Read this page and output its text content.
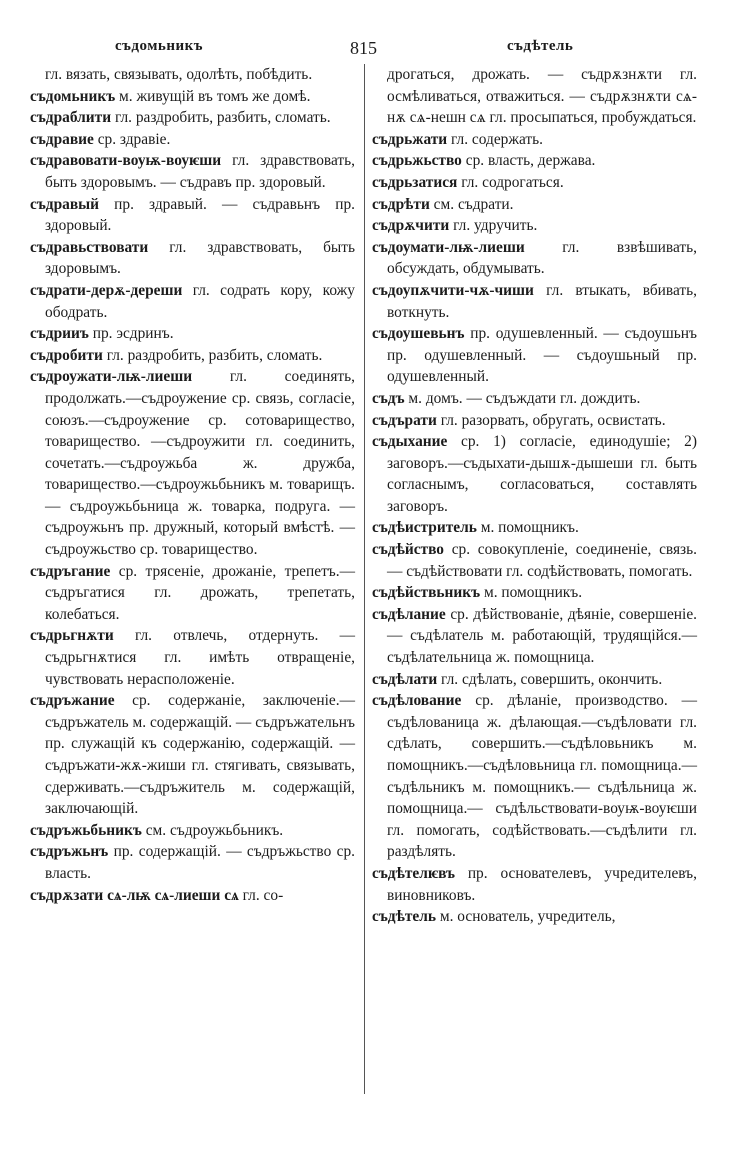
съдомьникъ	815	съдѣтель

гл. вязать, связывать, одолѣть, побѣдить.

съдомьникъ м. живущій въ томъ же домѣ.

съдраблити гл. раздробить, разбить, сломать.

съдравие ср. здравіе.

съдравовати-воуѭ-воуѥши гл. здравствовать, быть здоровымъ. — съдравъ пр. здоровый.

съдравый пр. здравый. — съдравьнъ пр. здоровый.

съдравьствовати гл. здравствовать, быть здоровымъ.

съдрати-дерѫ-дереши гл. содрать кору, кожу ободрать.

съдрииъ пр. эсдринъ.

съдробити гл. раздробить, разбить, сломать.

съдроужати-лѭ-лиеши гл. соединять, продолжать.—съдроужение ср. связь, согласіе, союзъ.—съдроужение ср. сотоварищество, товарищество. —съдроужити гл. соединить, сочетать.—съдроужьба ж. дружба, товарищество.—съдроужьбьникъ м. товарищъ. — съдроужьбьница ж. товарка, подруга. — съдроужьнъ пр. дружный, который вмѣстѣ. — съдроужьство ср. товарищество.

съдръгание ср. трясеніе, дрожаніе, трепетъ.—съдръгатися гл. дрожать, трепетать, колебаться.

съдрьгнѫти гл. отвлечь, отдернуть. —съдрьгнѫтися гл. имѣть отвращеніе, чувствовать нерасположеніе.

съдръжание ср. содержаніе, заключеніе.—съдръжатель м. содержащій. — съдръжательнъ пр. служащій къ содержанію, содержащій. — съдръжати-жѫ-жиши гл. стягивать, связывать, сдерживать.—съдръжитель м. содержащій, заключающій.

съдръжьбьникъ см. съдроужьбьникъ.

съдръжьнъ пр. содержащій. — съдръжьство ср. власть.

съдрѫзати сѧ-лѭ сѧ-лиеши сѧ гл. со-

дрогаться, дрожать. — съдрѫзнѫти гл. осмѣливаться, отважиться. — съдрѫзнѫти сѧ-нѫ сѧ-нешн сѧ гл. просыпаться, пробуждаться.

съдрьжати гл. содержать.

съдрьжьство ср. власть, держава.

съдрьзатися гл. содрогаться.

съдрѣти см. съдрати.

съдрѫчити гл. удручить.

съдоумати-лѭ-лиеши гл. взвѣшивать, обсуждать, обдумывать.

съдоупѫчити-чѫ-чиши гл. втыкать, вбивать, воткнуть.

съдоушевьнъ пр. одушевленный. — съдоушьнъ пр. одушевленный. — съдоушьный пр. одушевленный.

съдъ м. домъ. — съдъждати гл. дождить.

съдърати гл. разорвать, обругать, освистать.

съдыхание ср. 1) согласіе, единодушіе; 2) заговоръ.—съдыхати-дышѫ-дышеши гл. быть согласнымъ, согласоваться, составлять заговоръ.

съдѣистритель м. помощникъ.

съдѣйство ср. совокупленіе, соединеніе, связь. — съдѣйствовати гл. содѣйствовать, помогать.

съдѣйствьникъ м. помощникъ.

съдѣлание ср. дѣйствованіе, дѣяніе, совершеніе. — съдѣлатель м. работающій, трудящійся.—съдѣлательница ж. помощница.

съдѣлати гл. сдѣлать, совершить, окончить.

съдѣлование ср. дѣланіе, производство. — съдѣлованица ж. дѣлающая.—съдѣловати гл. сдѣлать, совершить.—съдѣловьникъ м. помощникъ.—съдѣловьница гл. помощница.—съдѣльникъ м. помощникъ.— съдѣльница ж. помощница.— съдѣльствовати-воуѭ-воуѥши гл. помогать, содѣйствовать.—съдѣлити гл. раздѣлять.

съдѣтелѥвъ пр. основателевъ, учредителевъ, виновниковъ.

съдѣтель м. основатель, учредитель,
